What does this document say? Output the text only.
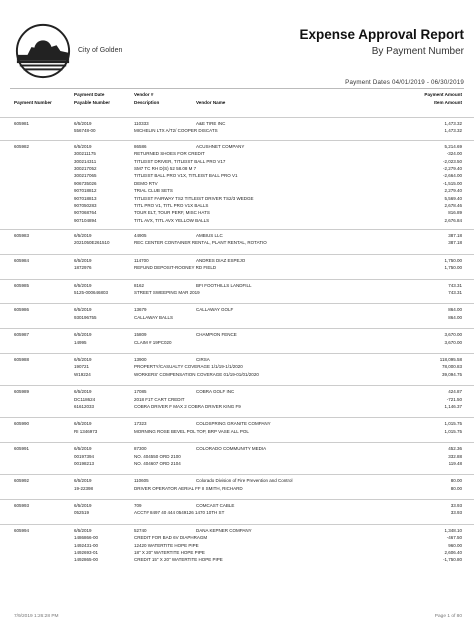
City of Golden
Expense Approval Report
By Payment Number
Payment Dates 04/01/2019 - 06/30/2019
Payment Date	Vendor #	Payment Amount
Payment Number	Payable Number	Description	Vendor Name	Item Amount
605981	6/5/2019	110333	A&E TIRE INC	1,473.32
556748-00	MICHELIN LTX A/T2/ COOPER DISCATS	1,473.32
605982	6/5/2019	86586	ACUSHNET COMPANY	5,214.69
300211175	RETURNED SHOES FOR CREDIT	-324.00
300214311	TITLEIST DRIVER, TITLEIST BALL PRO V17	-2,023.50
300217052	SM7 TC RH D(S) 52 58.08 M 7	-2,279.40
300217065	TITLEIST BALL PRO V1X, TITLEIST BALL PRO V1	-2,664.00
906735026	DEMO RTV	-1,515.00
907018812	TRIAL CLUB SETS	2,279.40
907018813	TITLEIST FAIRWAY TS2 TITLEIST DRIVER TS2/3 WEDGE	5,569.40
907050283	TITL PRO V1, TITL PRO V1X BALLS	2,678.46
907068764	TOUR ELT, TOUR PERF, MISC HATS	816.89
907104894	TITL AVX, TITL AVX YELLOW BALLS	2,676.84
605983	6/5/2019	44905	AMBIUS LLC	387.18
2021050E261510	REC CENTER CONTAINER RENTAL, PLANT RENTAL, ROTATIO	387.18
605984	6/5/2019	114700	ANDRES DIAZ ESPEJO	1,750.00
1872976	REFUND DEPOSIT-ROONEY RD FIELD	1,750.00
605985	6/5/2019	8162	BFI FOOTHILLS LANDFILL	743.31
5125-000646803	STREET SWEEPING MAR 2019	743.31
605986	6/5/2019	13679	CALLAWAY GOLF	864.00
930196755	CALLAWAY BALLS	864.00
605987	6/5/2019	15809	CHAMPION FENCE	3,670.00
14995	CLAIM # 19PC020	3,670.00
605988	6/5/2019	13900	CIRSA	118,095.58
190721	PROPERTY/CASUALTY COVERAGE 1/1/19-1/1/2020	78,000.83
W19224	WORKERS' COMPENSATION COVERAGE 01/19-01/01/2020	39,094.75
605989	6/5/2019	17085	COBRA GOLF INC	424.87
DC118624	2018 F1T CART CREDIT	-721.50
61612033	COBRA DRIVER F MAX 2 COBRA DRIVER KING F9	1,146.37
605990	6/5/2019	17323	COLDSPRING GRANITE COMPANY	1,015.75
RI 1346973	MORNING ROSE BEVEL POL TOP, BRP VASE ALL POL	1,015.75
605991	6/5/2019	87300	COLORADO COMMUNITY MEDIA	452.36
00197394	NO. 404550 ORD 2100	332.88
00198213	NO. 404607 ORD 2104	119.48
605992	6/5/2019	110605	Colorado Division of Fire Prevention and Control	80.00
19-22398	DRIVER OPERATOR AERIAL FF II SMITH, RICHARD	80.00
605993	6/5/2019	709	COMCAST CABLE	33.93
052519	ACCT# 8497 40 444 0549126 1470 10TH ST	33.93
605994	6/5/2019	52740	DANA KEPNER COMPANY	1,348.10
1486866-00	CREDIT FOR BAD 6V DIAPHRAGM	-467.50
1492431-00	12420 WATERTITE HOPE PIPE	960.00
1492693-01	18" X 20" WATERTITE HOPE PIPE	2,606.40
1492865-00	CREDIT 15" X 20" WATERTITE HOPE PIPE	-1,750.80
7/9/2019 1:26:28 PM	Page 1 of 80
